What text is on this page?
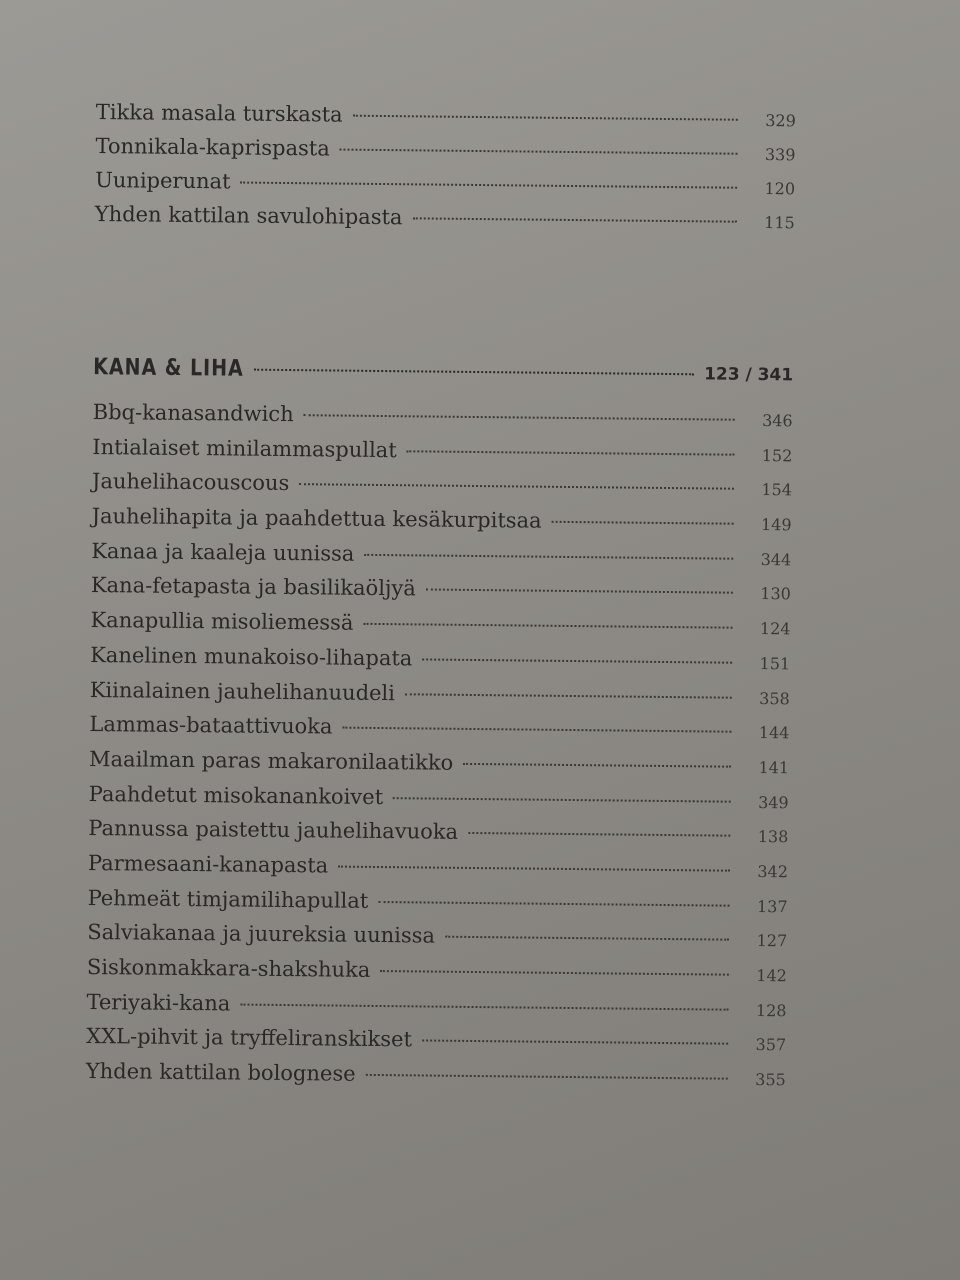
Tikka masala turskasta	329
Tonnikala-kaprispasta	339
Uuniperunat	120
Yhden kattilan savulohipasta	115
KANA & LIHA	123 / 341
Bbq-kanasandwich	346
Intialaiset minilammaspullat	152
Jauhelihacouscous	154
Jauhelihapita ja paahdettua kesäkurpitsaa	149
Kanaa ja kaaleja uunissa	344
Kana-fetapasta ja basilikaöljyä	130
Kanapullia misoliemessä	124
Kanelinen munakoiso-lihapata	151
Kiinalainen jauhelihanuudeli	358
Lammas-bataattivuoka	144
Maailman paras makaronilaatikko	141
Paahdetut misokanankoivet	349
Pannussa paistettu jauhelihavuoka	138
Parmesaani-kanapasta	342
Pehmeät timjamilihapullat	137
Salviakanaa ja juureksia uunissa	127
Siskonmakkara-shakshuka	142
Teriyaki-kana	128
XXL-pihvit ja tryffeliranskikset	357
Yhden kattilan bolognese	355
